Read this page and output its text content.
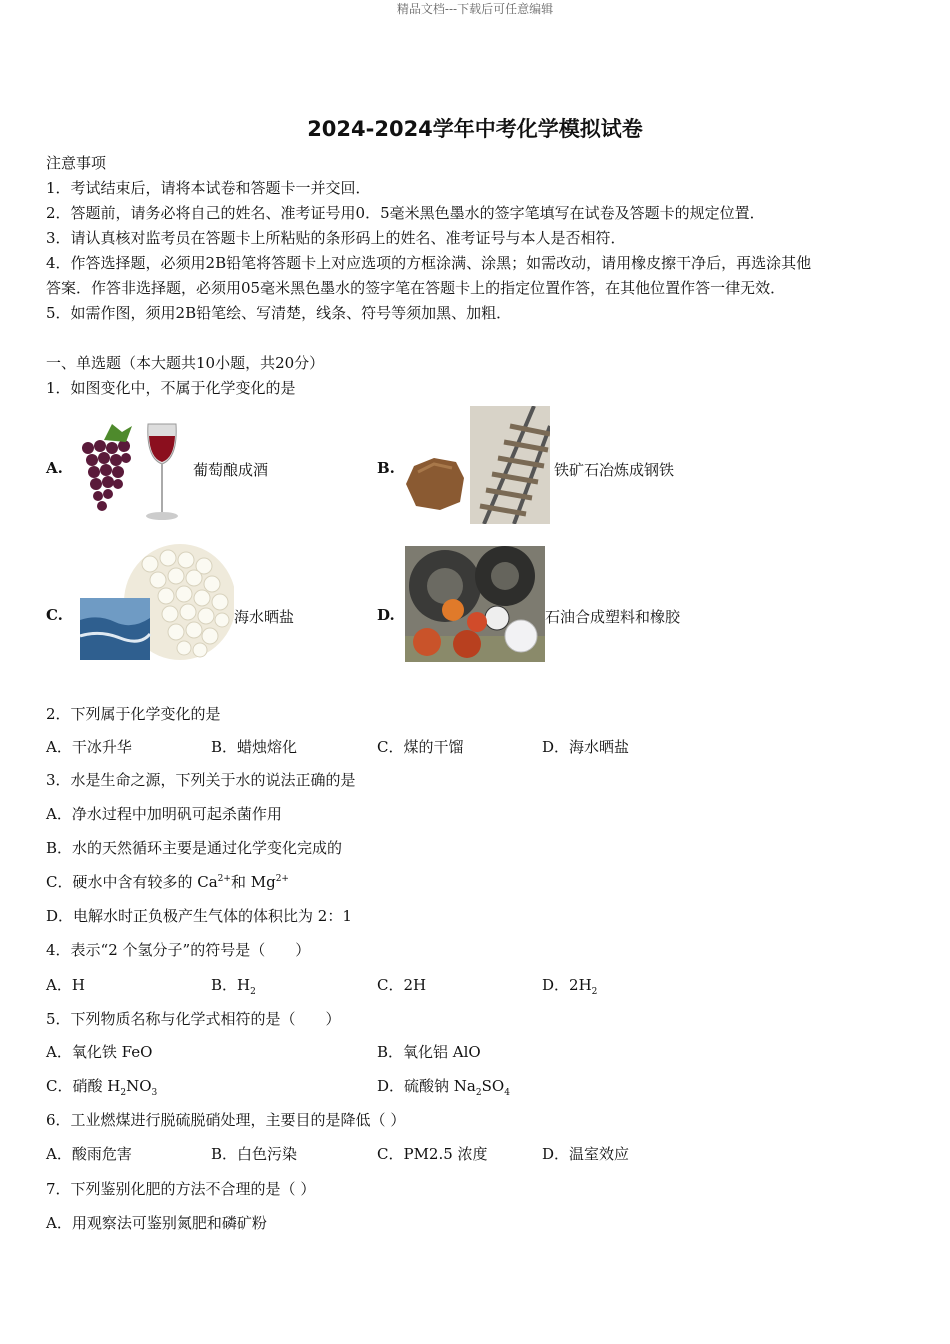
精品文档---下载后可任意编辑
2024-2024学年中考化学模拟试卷
注意事项
1．考试结束后，请将本试卷和答题卡一并交回．
2．答题前，请务必将自己的姓名、准考证号用0．5毫米黑色墨水的签字笔填写在试卷及答题卡的规定位置．
3．请认真核对监考员在答题卡上所粘贴的条形码上的姓名、准考证号与本人是否相符．
4．作答选择题，必须用2B铅笔将答题卡上对应选项的方框涂满、涂黑；如需改动，请用橡皮擦干净后，再选涂其他
答案．作答非选择题，必须用05毫米黑色墨水的签字笔在答题卡上的指定位置作答，在其他位置作答一律无效．
5．如需作图，须用2B铅笔绘、写清楚，线条、符号等须加黑、加粗．
一、单选题（本大题共10小题，共20分）
1．如图变化中，不属于化学变化的是
A.	葡萄酿成酒	B.	铁矿石冶炼成钢铁
C.	海水晒盐	D.	石油合成塑料和橡胶
2．下列属于化学变化的是
A．干冰升华	B．蜡烛熔化	C．煤的干馏	D．海水晒盐
3．水是生命之源，下列关于水的说法正确的是
A．净水过程中加明矾可起杀菌作用
B．水的天然循环主要是通过化学变化完成的
C．硬水中含有较多的 $Ca^{2+}$和 $Mg^{2+}$
D．电解水时正负极产生气体的体积比为 2：1
4．表示“2 个氢分子”的符号是（　　）
A．H	B．$H_2$	C．2H	D．$2H_2$
5．下列物质名称与化学式相符的是（　　）
A．氧化铁 FeO	B．氧化铝 AlO
C．硝酸 $H_2NO_3$	D．硫酸钠 $Na_2SO_4$
6．工业燃煤进行脱硫脱硝处理，主要目的是降低（ ）
A．酸雨危害	B．白色污染	C．PM2.5 浓度	D．温室效应
7．下列鉴别化肥的方法不合理的是（ ）
A．用观察法可鉴别氮肥和磷矿粉
